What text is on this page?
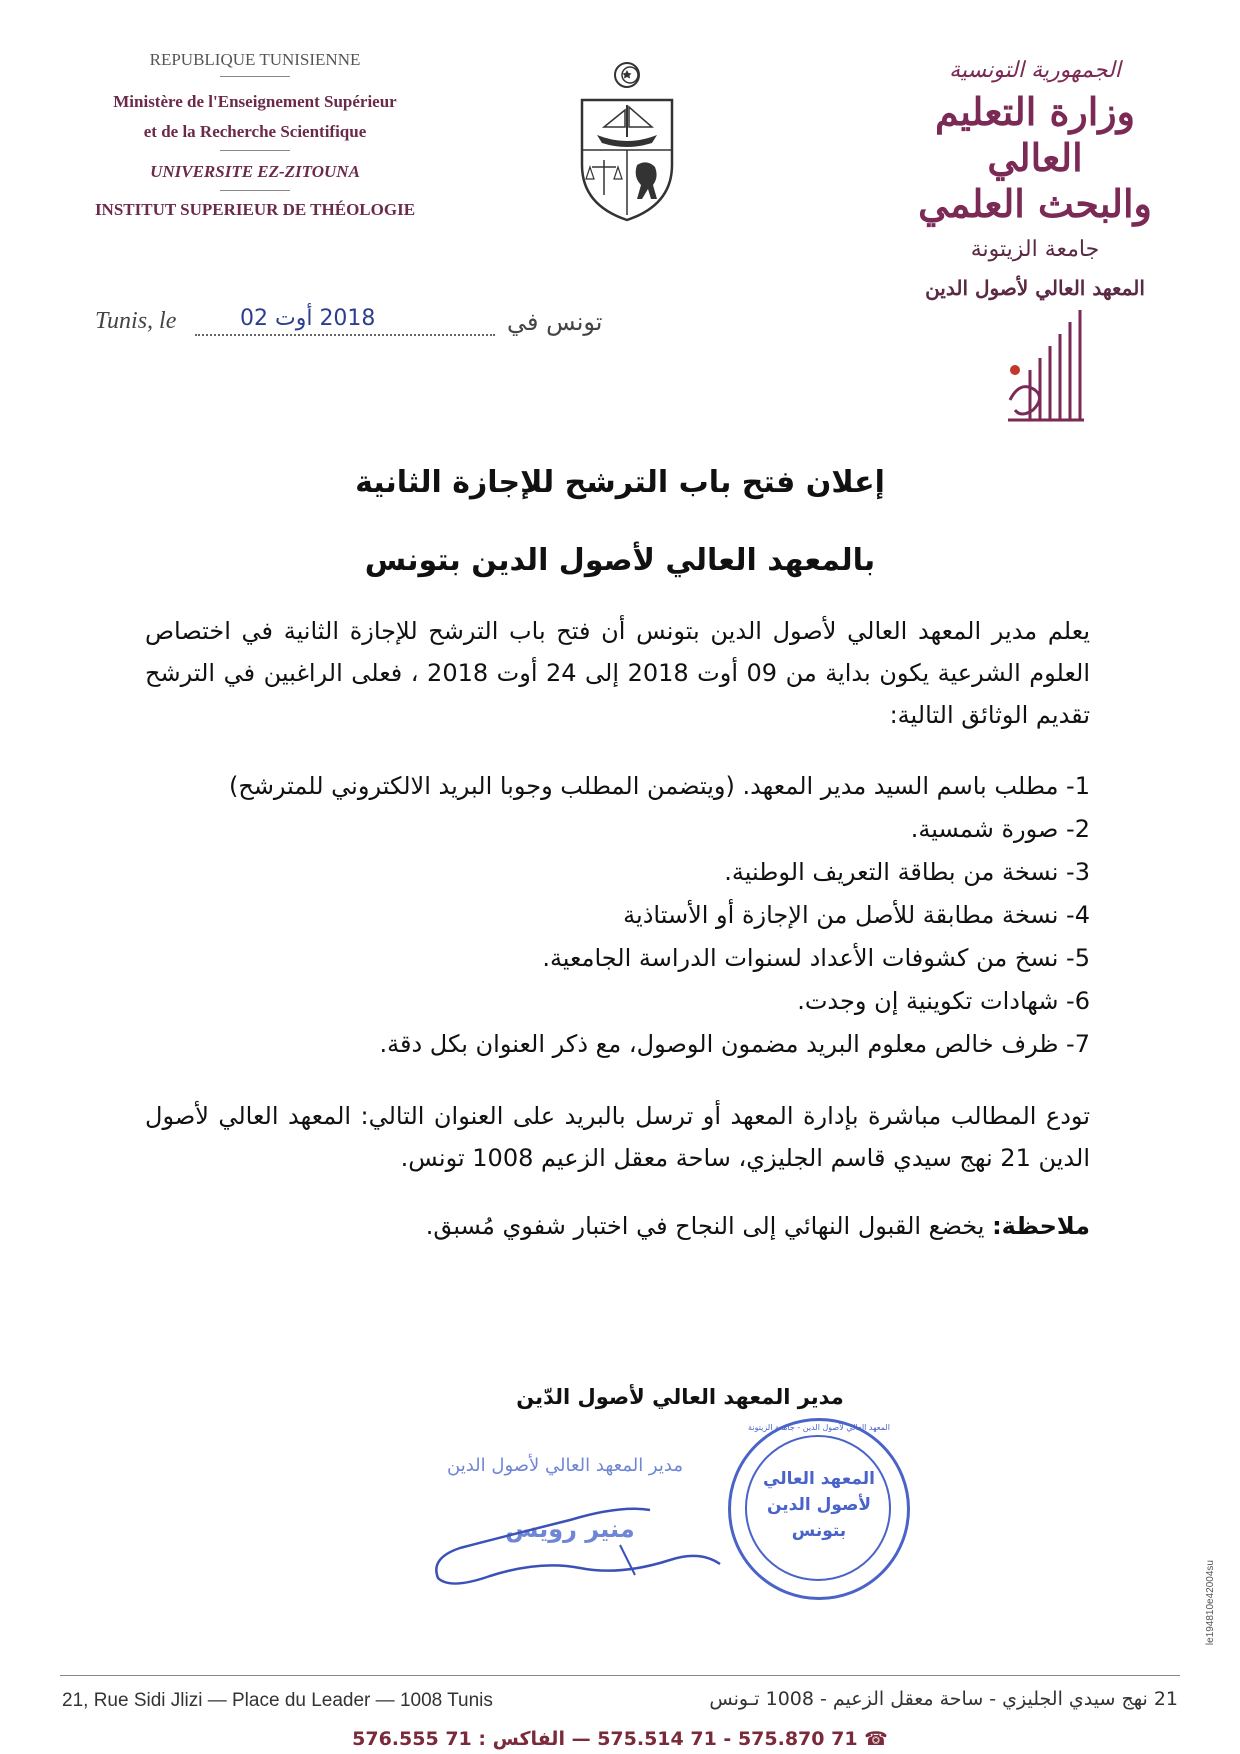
REPUBLIQUE TUNISIENNE
Ministère de l'Enseignement Supérieur
et de la Recherche Scientifique
UNIVERSITE EZ-ZITOUNA
INSTITUT SUPERIEUR DE THÉOLOGIE
الجمهورية التونسية
وزارة التعليم العالي
والبحث العلمي
جامعة الزيتونة
المعهد العالي لأصول الدين
Tunis, le	2018 أوت 02	تونس في
إعلان فتح باب الترشح للإجازة الثانية
بالمعهد العالي لأصول الدين بتونس
يعلم مدير المعهد العالي لأصول الدين بتونس أن فتح باب الترشح للإجازة الثانية في اختصاص العلوم الشرعية يكون بداية من 09 أوت 2018 إلى 24 أوت 2018 ، فعلى الراغبين في الترشح تقديم الوثائق التالية:
1- مطلب باسم السيد مدير المعهد. (ويتضمن المطلب وجوبا البريد الالكتروني للمترشح)
2- صورة شمسية.
3- نسخة من بطاقة التعريف الوطنية.
4- نسخة مطابقة للأصل من الإجازة أو الأستاذية
5- نسخ من كشوفات الأعداد لسنوات الدراسة الجامعية.
6- شهادات تكوينية إن وجدت.
7- ظرف خالص معلوم البريد مضمون الوصول، مع ذكر العنوان بكل دقة.
تودع المطالب مباشرة بإدارة المعهد أو ترسل بالبريد على العنوان التالي: المعهد العالي لأصول الدين 21 نهج سيدي قاسم الجليزي، ساحة معقل الزعيم 1008 تونس.
ملاحظة: يخضع القبول النهائي إلى النجاح في اختبار شفوي مُسبق.
مدير المعهد العالي لأصول الدّين
مدير المعهد العالي لأصول الدين
منير رويس
المعهد العالي لأصول الدين - جامعة الزيتونة
المعهد العالي
لأصول الدين
بتونس
21, Rue Sidi Jlizi — Place du Leader — 1008 Tunis	21 نهج سيدي الجليزي - ساحة معقل الزعيم - 1008 تـونس
☎ 71 575.870 - 71 575.514 — الفاكس : 71 576.555
le194810e42004su
